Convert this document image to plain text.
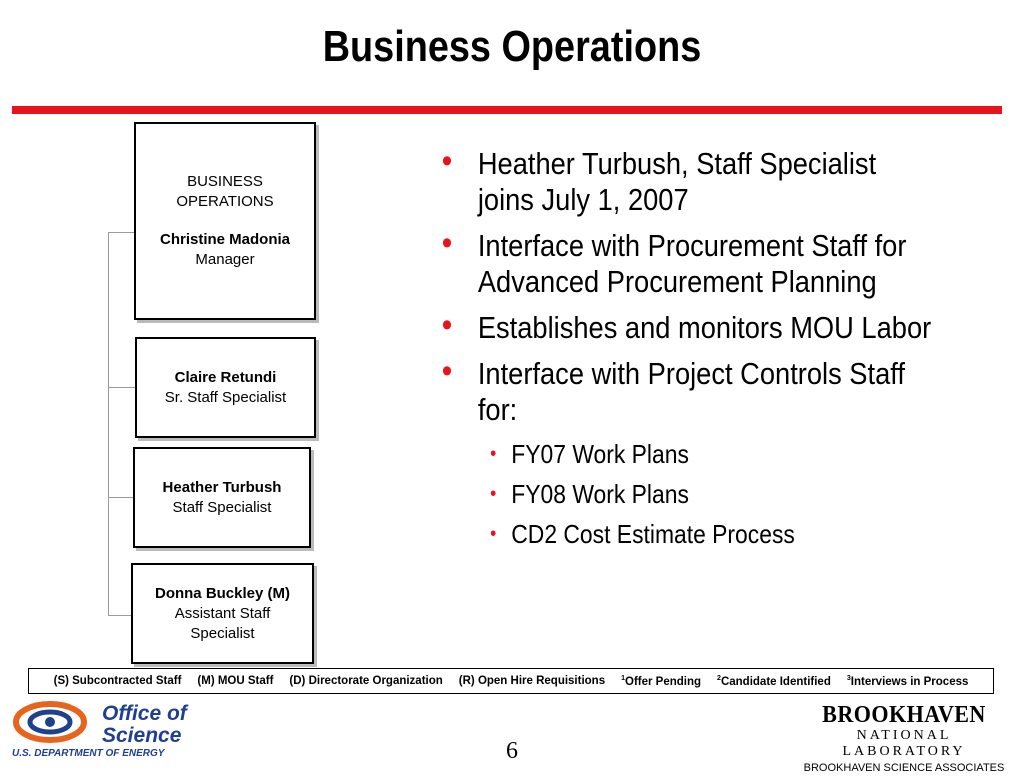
Business Operations
BUSINESS
OPERATIONS
Christine Madonia
Manager
Claire Retundi
Sr. Staff Specialist
Heather Turbush
Staff Specialist
Donna Buckley (M)
Assistant Staff
Specialist
• Heather Turbush, Staff Specialist joins July 1, 2007
• Interface with Procurement Staff for Advanced Procurement Planning
• Establishes and monitors MOU Labor
• Interface with Project Controls Staff for:
• FY07 Work Plans
• FY08 Work Plans
• CD2 Cost Estimate Process
(S) Subcontracted Staff (M) MOU Staff (D) Directorate Organization (R) Open Hire Requisitions $^1$Offer Pending $^2$Candidate Identified $^3$Interviews in Process
Office of
Science
U.S. DEPARTMENT OF ENERGY	6
BROOKHAVEN
NATIONAL LABORATORY
BROOKHAVEN SCIENCE ASSOCIATES
